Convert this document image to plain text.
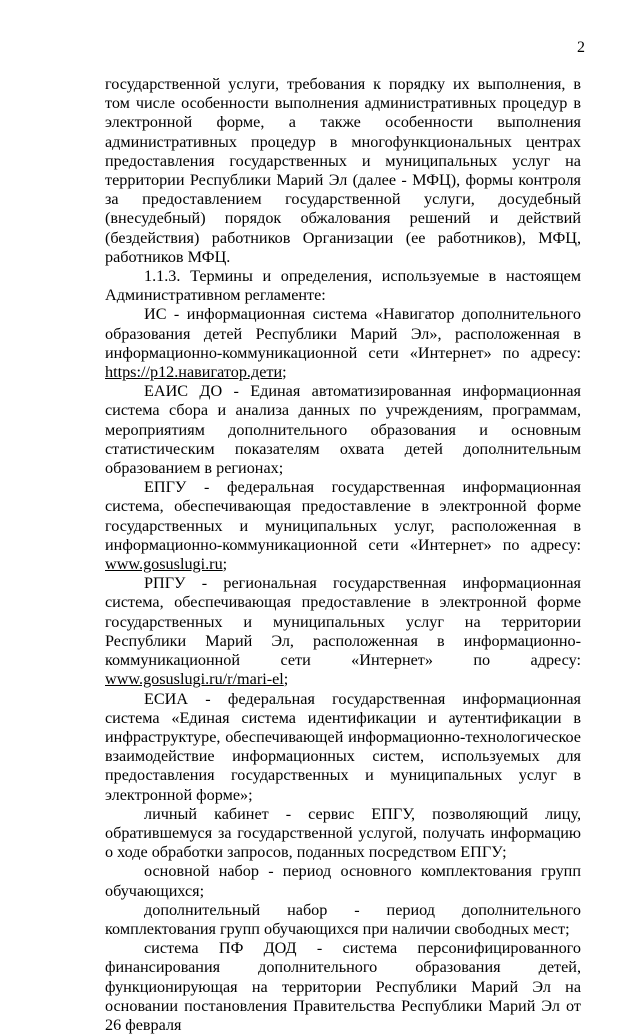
2

государственной услуги, требования к порядку их выполнения, в том числе особенности выполнения административных процедур в электронной форме, а также особенности выполнения административных процедур в многофункциональных центрах предоставления государственных и муниципальных услуг на территории Республики Марий Эл (далее - МФЦ), формы контроля за предоставлением государственной услуги, досудебный (внесудебный) порядок обжалования решений и действий (бездействия) работников Организации (ее работников), МФЦ, работников МФЦ.

1.1.3. Термины и определения, используемые в настоящем Административном регламенте:

ИС - информационная система «Навигатор дополнительного образования детей Республики Марий Эл», расположенная в информационно-коммуникационной сети «Интернет» по адресу: https://p12.навигатор.дети;

ЕАИС ДО - Единая автоматизированная информационная система сбора и анализа данных по учреждениям, программам, мероприятиям дополнительного образования и основным статистическим показателям охвата детей дополнительным образованием в регионах;

ЕПГУ - федеральная государственная информационная система, обеспечивающая предоставление в электронной форме государственных и муниципальных услуг, расположенная в информационно-коммуникационной сети «Интернет» по адресу: www.gosuslugi.ru;

РПГУ - региональная государственная информационная система, обеспечивающая предоставление в электронной форме государственных и муниципальных услуг на территории Республики Марий Эл, расположенная в информационно-коммуникационной сети «Интернет» по адресу: www.gosuslugi.ru/r/mari-el;

ЕСИА - федеральная государственная информационная система «Единая система идентификации и аутентификации в инфраструктуре, обеспечивающей информационно-технологическое взаимодействие информационных систем, используемых для предоставления государственных и муниципальных услуг в электронной форме»;

личный кабинет - сервис ЕПГУ, позволяющий лицу, обратившемуся за государственной услугой, получать информацию о ходе обработки запросов, поданных посредством ЕПГУ;

основной набор - период основного комплектования групп обучающихся;

дополнительный набор - период дополнительного комплектования групп обучающихся при наличии свободных мест;

система ПФ ДОД - система персонифицированного финансирования дополнительного образования детей, функционирующая на территории Республики Марий Эл на основании постановления Правительства Республики Марий Эл от 26 февраля
